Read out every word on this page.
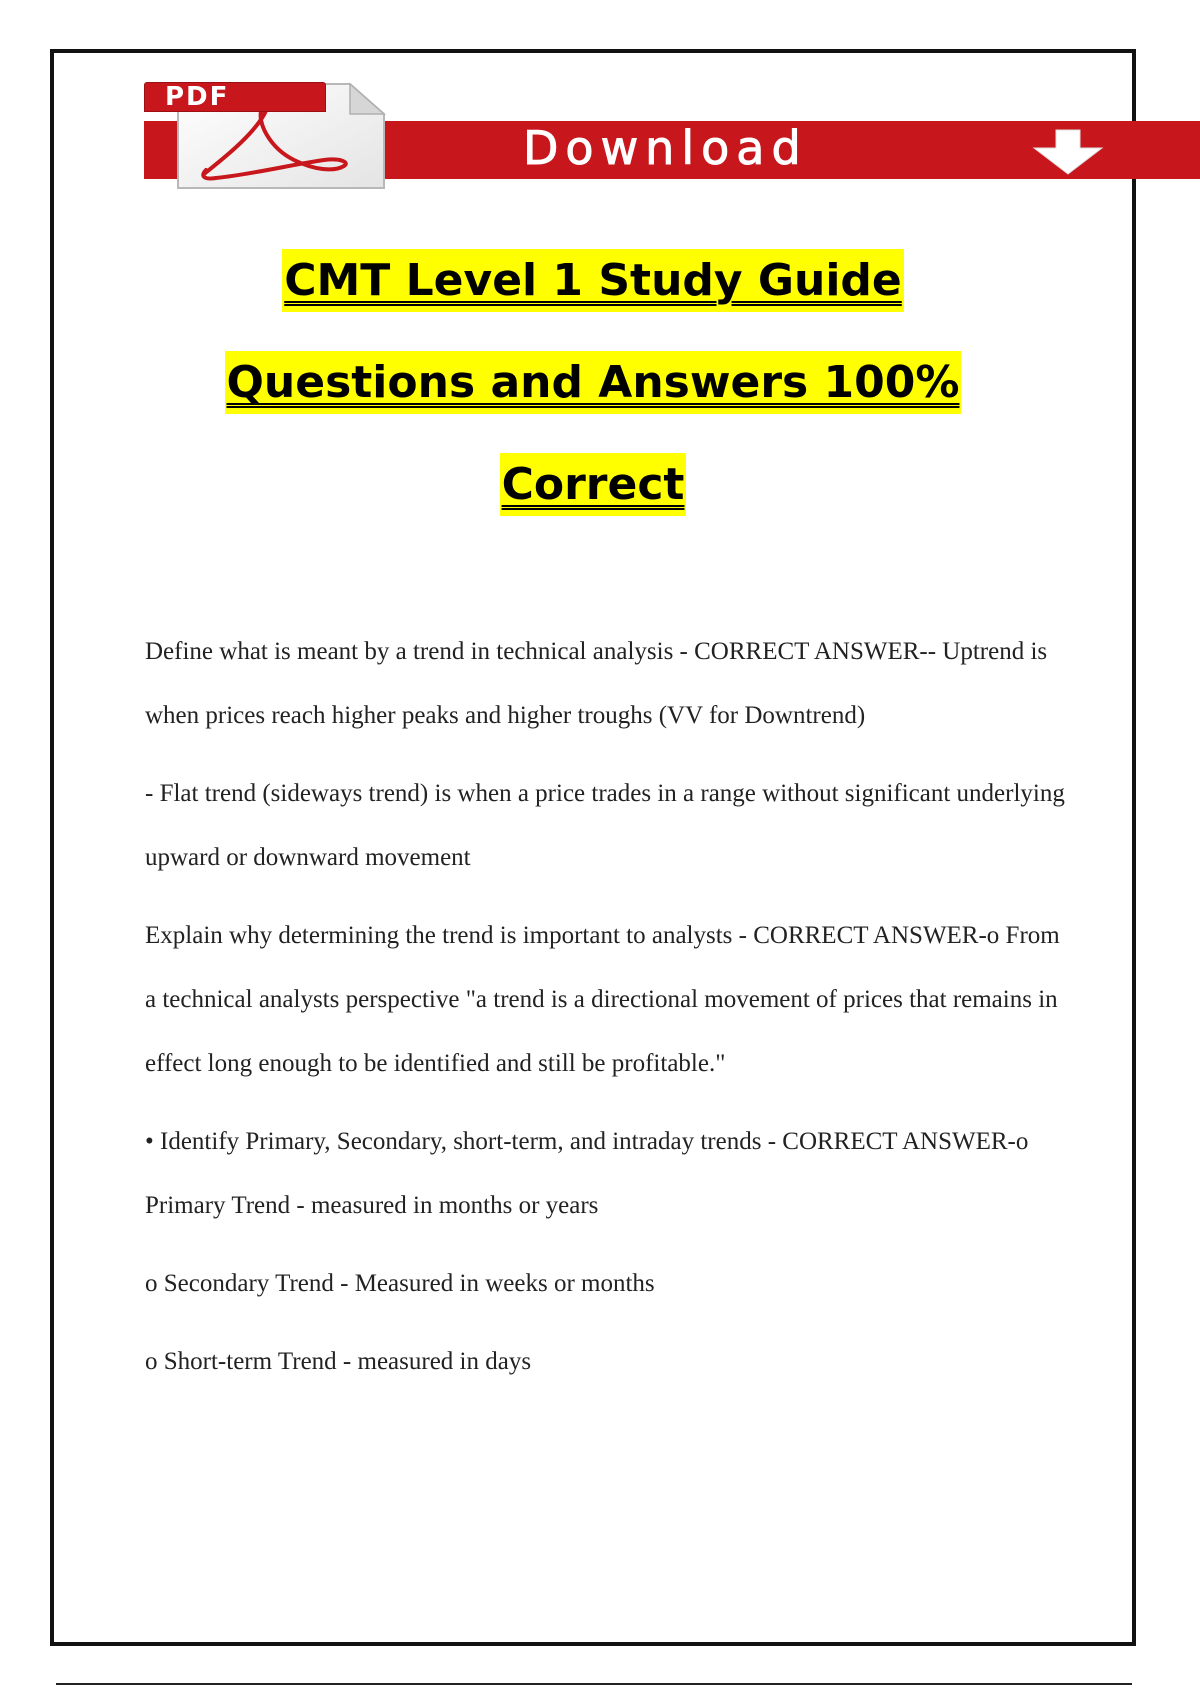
Download
PDF
CMT Level 1 Study Guide
Questions and Answers 100%
Correct

Define what is meant by a trend in technical analysis - CORRECT ANSWER-- Uptrend is when prices reach higher peaks and higher troughs (VV for Downtrend)

- Flat trend (sideways trend) is when a price trades in a range without significant underlying upward or downward movement

Explain why determining the trend is important to analysts - CORRECT ANSWER-o From a technical analysts perspective "a trend is a directional movement of prices that remains in effect long enough to be identified and still be profitable."

• Identify Primary, Secondary, short-term, and intraday trends - CORRECT ANSWER-o Primary Trend - measured in months or years

o Secondary Trend - Measured in weeks or months

o Short-term Trend - measured in days
